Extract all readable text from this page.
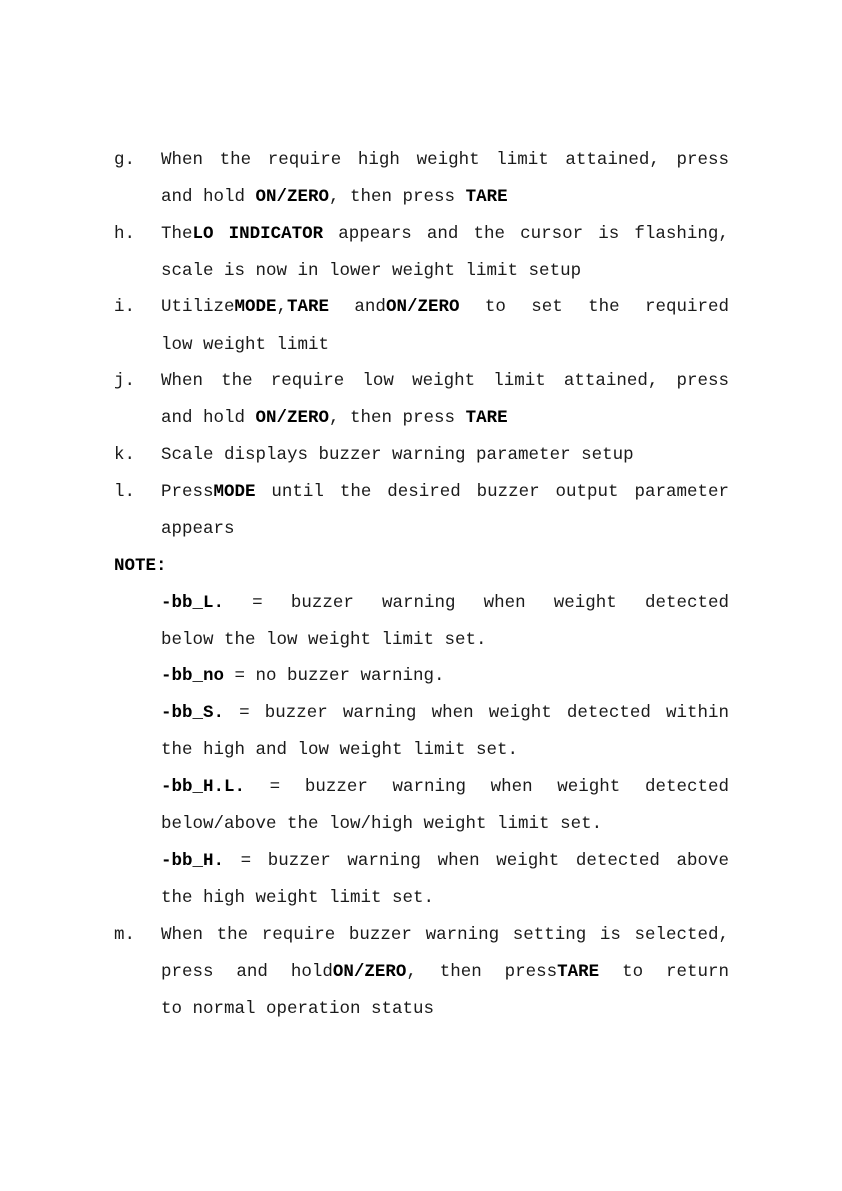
g. When the require high weight limit attained, press
and hold ON/ZERO, then press TARE
h. TheLO INDICATOR appears and the cursor is flashing,
scale is now in lower weight limit setup
i. UtilizeMODE,TARE andON/ZERO to set the required
low weight limit
j. When the require low weight limit attained, press
and hold ON/ZERO, then press TARE
k. Scale displays buzzer warning parameter setup
l. PressMODE until the desired buzzer output parameter
appears
NOTE:
-bb_L. = buzzer warning when weight detected
below the low weight limit set.
-bb_no = no buzzer warning.
-bb_S. = buzzer warning when weight detected within
the high and low weight limit set.
-bb_H.L. = buzzer warning when weight detected
below/above the low/high weight limit set.
-bb_H. = buzzer warning when weight detected above
the high weight limit set.
m. When the require buzzer warning setting is selected,
press and holdON/ZERO, then pressTARE to return
to normal operation status
